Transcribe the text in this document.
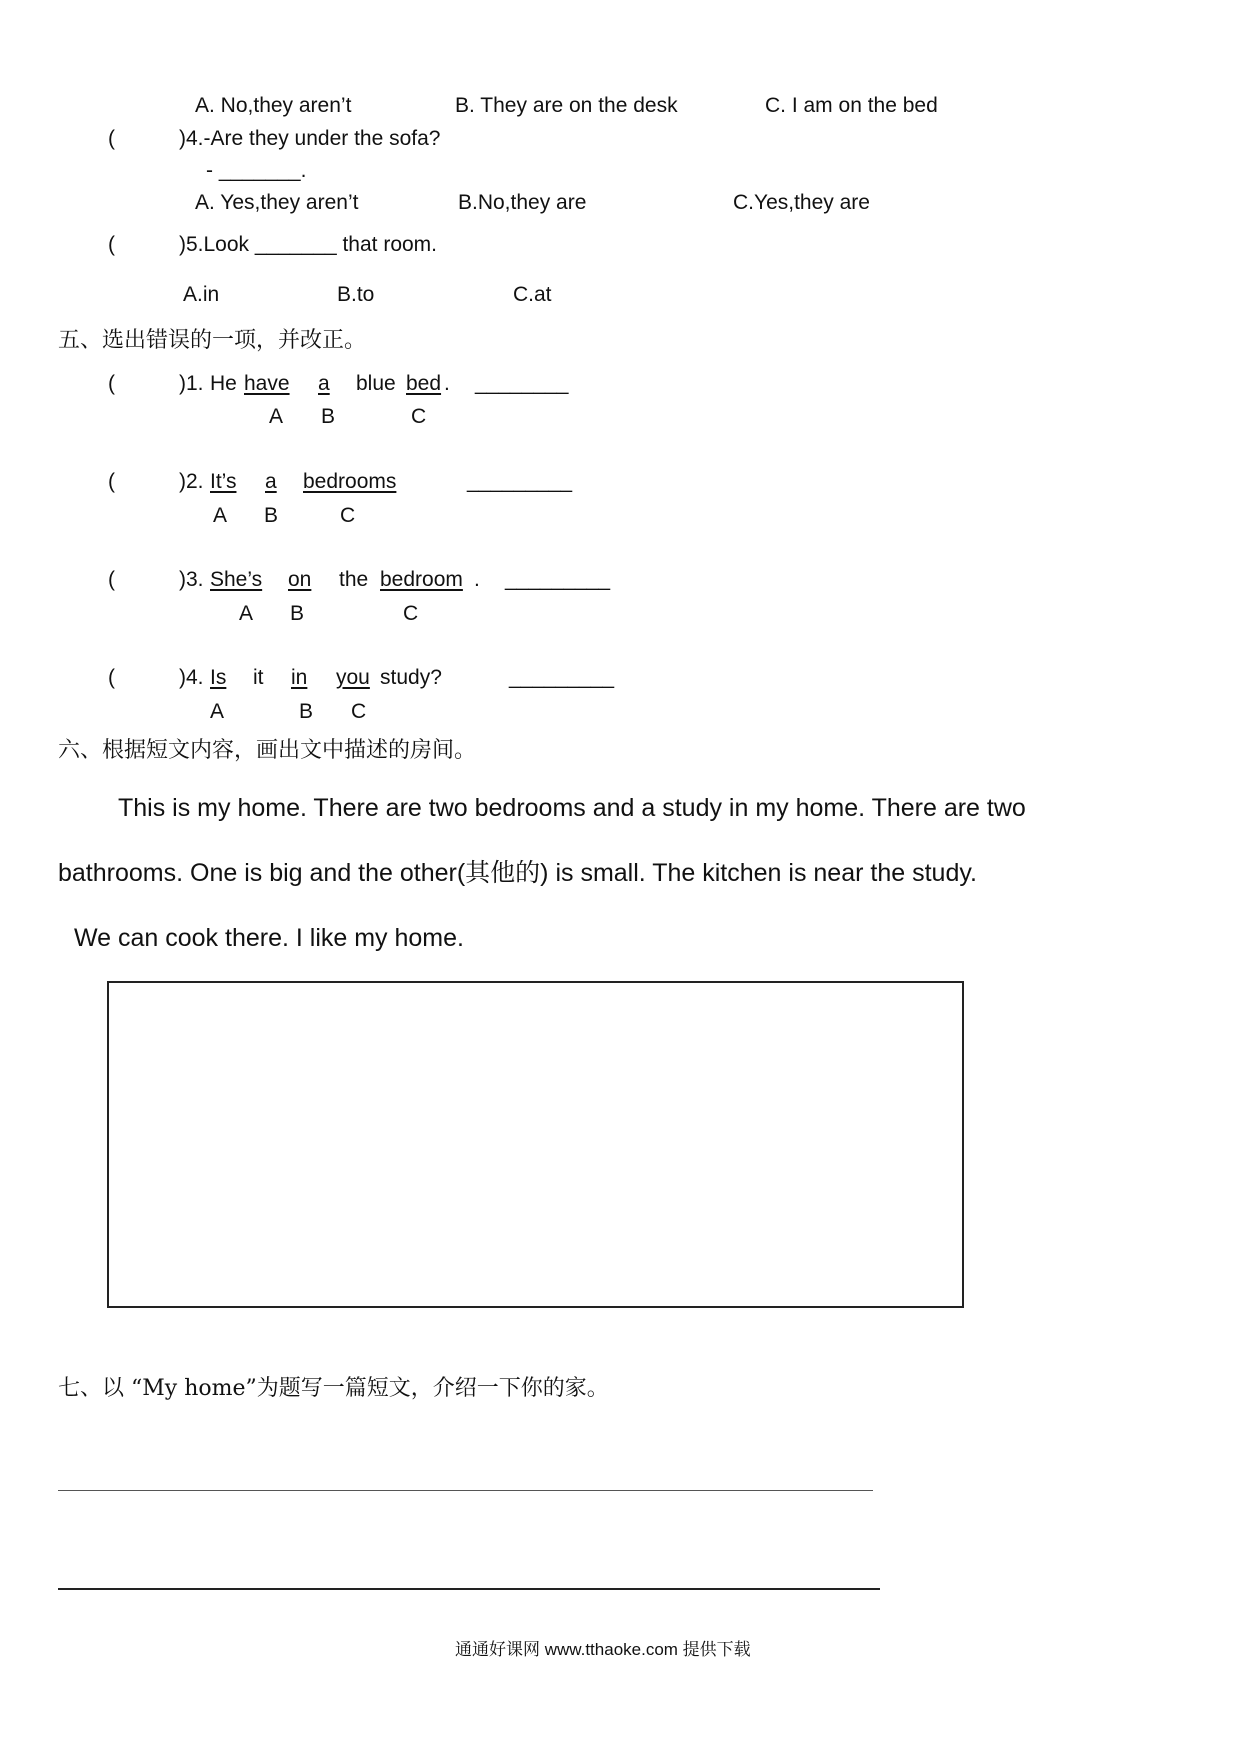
A. No,they aren’t	B. They are on the desk	C. I am on the bed
(	)4.-Are they under the sofa?
- _______.
A. Yes,they aren’t	B.No,they are	C.Yes,they are
(	)5.Look _______ that room.
A.in	B.to	C.at
五、选出错误的一项，并改正。
(	)1. He have a blue bed . ________
A B	C
(	)2. It’s a bedrooms	_________
A B	C
(	)3. She’s on the bedroom . _________
A B	C
(	)4. Is it in you study?	_________
A	B C
六、根据短文内容，画出文中描述的房间。
This is my home. There are two bedrooms and a study in my home. There are two
bathrooms. One is big and the other(其他的) is small. The kitchen is near the study.
We can cook there. I like my home.
七、以 “My home”为题写一篇短文，介绍一下你的家。
通通好课网 www.tthaoke.com 提供下载
